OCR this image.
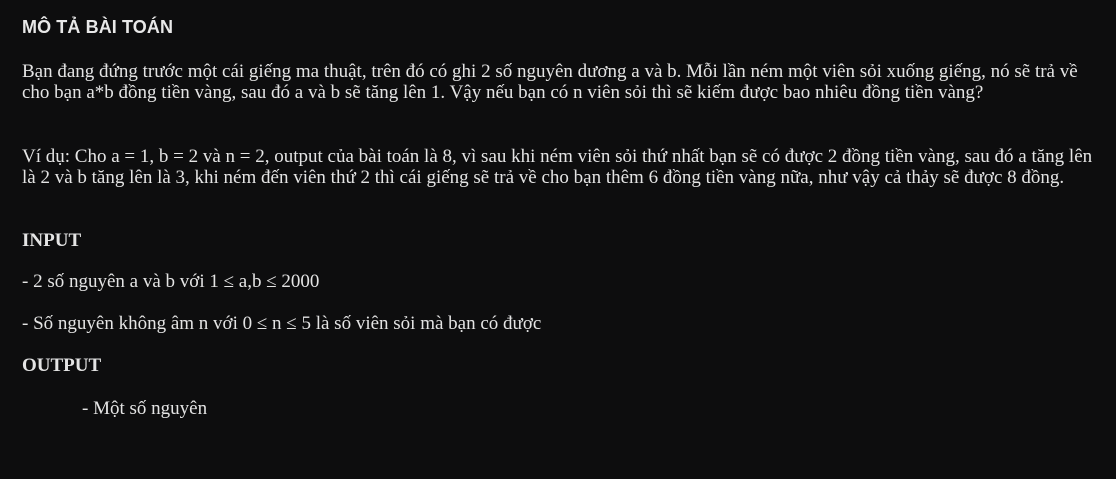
MÔ TẢ BÀI TOÁN

Bạn đang đứng trước một cái giếng ma thuật, trên đó có ghi 2 số nguyên dương a và b. Mỗi lần ném một viên sỏi xuống giếng, nó sẽ trả về cho bạn a*b đồng tiền vàng, sau đó a và b sẽ tăng lên 1. Vậy nếu bạn có n viên sỏi thì sẽ kiếm được bao nhiêu đồng tiền vàng?

Ví dụ: Cho a = 1, b = 2 và n = 2, output của bài toán là 8, vì sau khi ném viên sỏi thứ nhất bạn sẽ có được 2 đồng tiền vàng, sau đó a tăng lên là 2 và b tăng lên là 3, khi ném đến viên thứ 2 thì cái giếng sẽ trả về cho bạn thêm 6 đồng tiền vàng nữa, như vậy cả thảy sẽ được 8 đồng.

INPUT

- 2 số nguyên a và b với 1 ≤ a,b ≤ 2000

- Số nguyên không âm n với 0 ≤ n ≤ 5 là số viên sỏi mà bạn có được

OUTPUT

- Một số nguyên
